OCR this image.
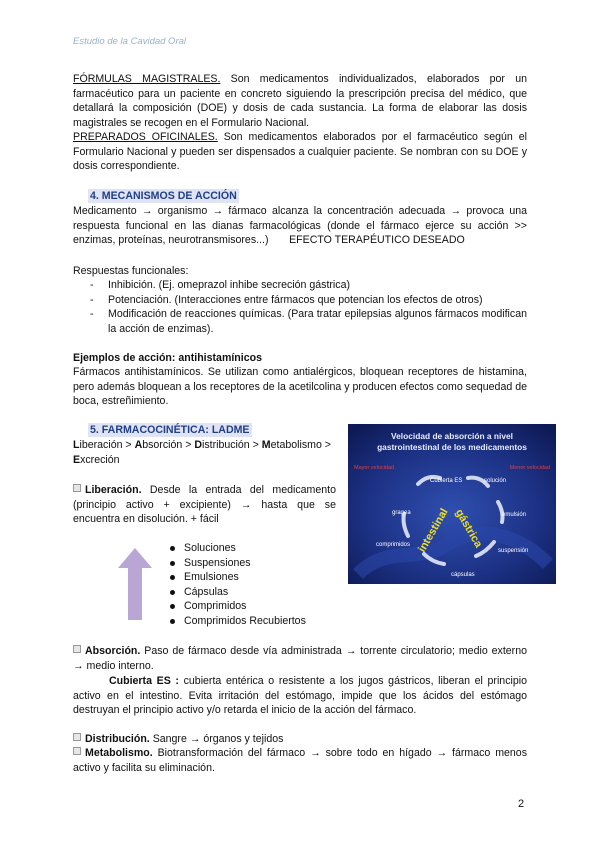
Estudio de la Cavidad Oral

FÓRMULAS MAGISTRALES. Son medicamentos individualizados, elaborados por un farmacéutico para un paciente en concreto siguiendo la prescripción precisa del médico, que detallará la composición (DOE) y dosis de cada sustancia. La forma de elaborar las dosis magistrales se recogen en el Formulario Nacional.

PREPARADOS OFICINALES. Son medicamentos elaborados por el farmacéutico según el Formulario Nacional y pueden ser dispensados a cualquier paciente. Se nombran con su DOE y dosis correspondiente.

4. MECANISMOS DE ACCIÓN

Medicamento → organismo → fármaco alcanza la concentración adecuada → provoca una respuesta funcional en las dianas farmacológicas (donde el fármaco ejerce su acción >> enzimas, proteínas, neurotransmisores...) EFECTO TERAPÉUTICO DESEADO

Respuestas funcionales:

- Inhibición. (Ej. omeprazol inhibe secreción gástrica)
- Potenciación. (Interacciones entre fármacos que potencian los efectos de otros)
- Modificación de reacciones químicas. (Para tratar epilepsias algunos fármacos modifican la acción de enzimas).

Ejemplos de acción: antihistamínicos

Fármacos antihistamínicos. Se utilizan como antialérgicos, bloquean receptores de histamina, pero además bloquean a los receptores de la acetilcolina y producen efectos como sequedad de boca, estreñimiento.

5. FARMACOCINÉTICA: LADME

Liberación > Absorción > Distribución > Metabolismo > Excreción

Liberación. Desde la entrada del medicamento (principio activo + excipiente) → hasta que se encuentra en disolución. + fácil

Soluciones
Suspensiones
Emulsiones
Cápsulas
Comprimidos
Comprimidos Recubiertos
Velocidad de absorción a nivel
gastrointestinal de los medicamentos
Mayor velocidad	Menor velocidad
intestinal gástrica
Cubierta ES	solución
emulsión
suspensión
cápsulas
comprimidos
gragea

Absorción. Paso de fármaco desde vía administrada → torrente circulatorio; medio externo → medio interno.

Cubierta ES : cubierta entérica o resistente a los jugos gástricos, liberan el principio activo en el intestino. Evita irritación del estómago, impide que los ácidos del estómago destruyan el principio activo y/o retarda el inicio de la acción del fármaco.

Distribución. Sangre → órganos y tejidos

Metabolismo. Biotransformación del fármaco → sobre todo en hígado → fármaco menos activo y facilita su eliminación.

2
